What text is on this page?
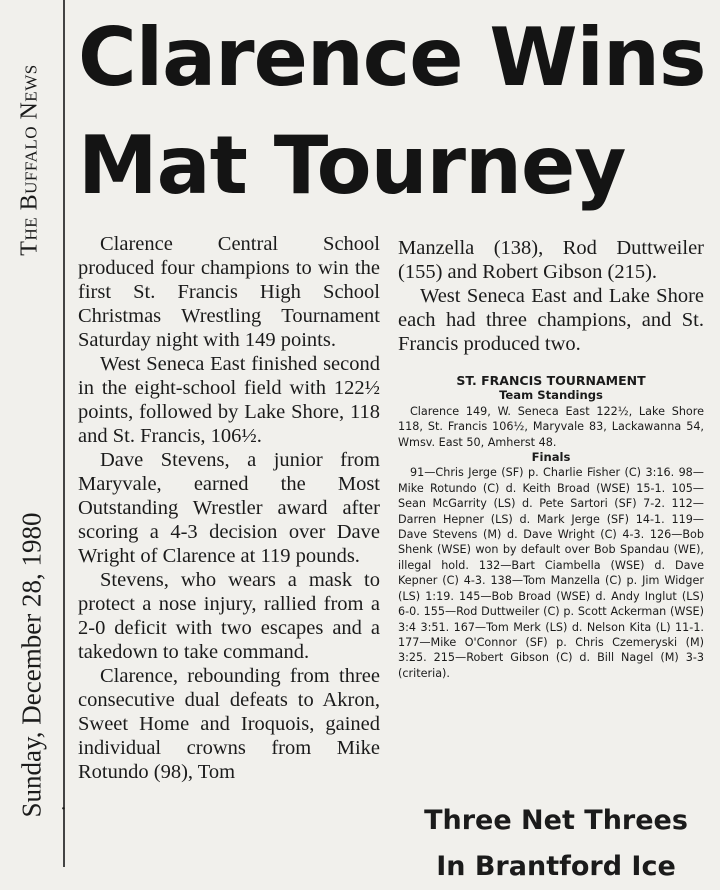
The Buffalo News
Sunday, December 28, 1980
Clarence Wins
Mat Tourney

Clarence Central School produced four champions to win the first St. Francis High School Christmas Wrestling Tournament Saturday night with 149 points.

West Seneca East finished second in the eight-school field with 122½ points, followed by Lake Shore, 118 and St. Francis, 106½.

Dave Stevens, a junior from Maryvale, earned the Most Outstanding Wrestler award after scoring a 4-3 decision over Dave Wright of Clarence at 119 pounds.

Stevens, who wears a mask to protect a nose injury, rallied from a 2-0 deficit with two escapes and a takedown to take command.

Clarence, rebounding from three consecutive dual defeats to Akron, Sweet Home and Iroquois, gained individual crowns from Mike Rotundo (98), Tom

Manzella (138), Rod Duttweiler (155) and Robert Gibson (215).

West Seneca East and Lake Shore each had three champions, and St. Francis produced two.

ST. FRANCIS TOURNAMENT
Team Standings

Clarence 149, W. Seneca East 122½, Lake Shore 118, St. Francis 106½, Maryvale 83, Lackawanna 54, Wmsv. East 50, Amherst 48.

Finals

91—Chris Jerge (SF) p. Charlie Fisher (C) 3:16. 98—Mike Rotundo (C) d. Keith Broad (WSE) 15-1. 105—Sean McGarrity (LS) d. Pete Sartori (SF) 7-2. 112—Darren Hepner (LS) d. Mark Jerge (SF) 14-1. 119—Dave Stevens (M) d. Dave Wright (C) 4-3. 126—Bob Shenk (WSE) won by default over Bob Spandau (WE), illegal hold. 132—Bart Ciambella (WSE) d. Dave Kepner (C) 4-3. 138—Tom Manzella (C) p. Jim Widger (LS) 1:19. 145—Bob Broad (WSE) d. Andy Inglut (LS) 6-0. 155—Rod Duttweiler (C) p. Scott Ackerman (WSE) 3:4 3:51. 167—Tom Merk (LS) d. Nelson Kita (L) 11-1. 177—Mike O'Connor (SF) p. Chris Czemeryski (M) 3:25. 215—Robert Gibson (C) d. Bill Nagel (M) 3-3 (criteria).

Three Net Threes
In Brantford Ice
·
